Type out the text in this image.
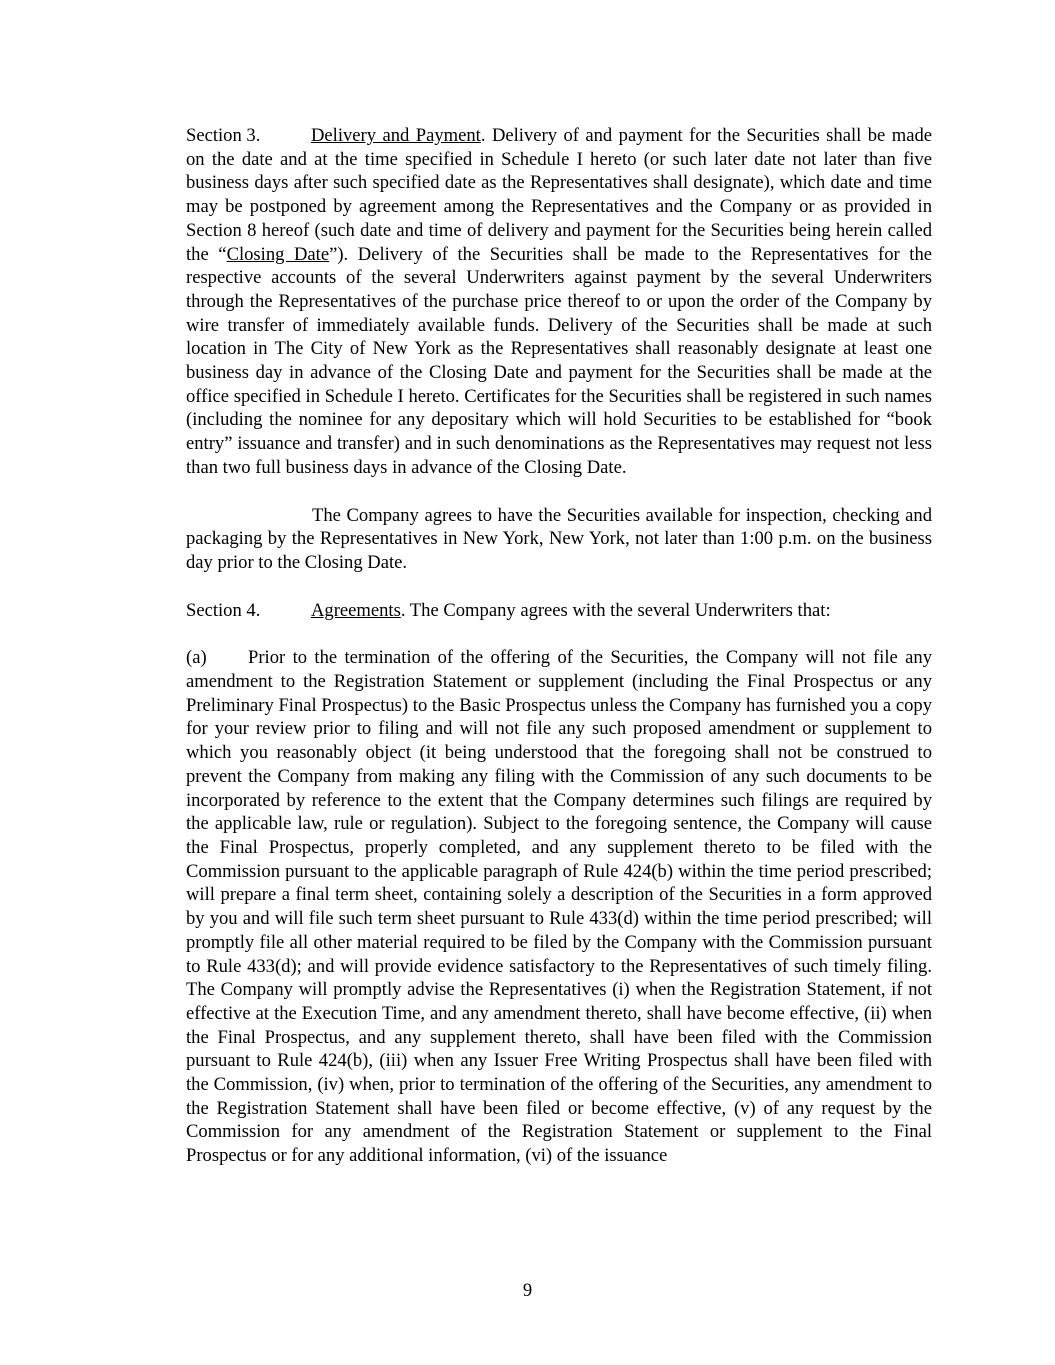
Section 3.	Delivery and Payment. Delivery of and payment for the Securities shall be made on the date and at the time specified in Schedule I hereto (or such later date not later than five business days after such specified date as the Representatives shall designate), which date and time may be postponed by agreement among the Representatives and the Company or as provided in Section 8 hereof (such date and time of delivery and payment for the Securities being herein called the “Closing Date”). Delivery of the Securities shall be made to the Representatives for the respective accounts of the several Underwriters against payment by the several Underwriters through the Representatives of the purchase price thereof to or upon the order of the Company by wire transfer of immediately available funds. Delivery of the Securities shall be made at such location in The City of New York as the Representatives shall reasonably designate at least one business day in advance of the Closing Date and payment for the Securities shall be made at the office specified in Schedule I hereto. Certificates for the Securities shall be registered in such names (including the nominee for any depositary which will hold Securities to be established for “book entry” issuance and transfer) and in such denominations as the Representatives may request not less than two full business days in advance of the Closing Date.

The Company agrees to have the Securities available for inspection, checking and packaging by the Representatives in New York, New York, not later than 1:00 p.m. on the business day prior to the Closing Date.

Section 4.	Agreements. The Company agrees with the several Underwriters that:

(a) Prior to the termination of the offering of the Securities, the Company will not file any amendment to the Registration Statement or supplement (including the Final Prospectus or any Preliminary Final Prospectus) to the Basic Prospectus unless the Company has furnished you a copy for your review prior to filing and will not file any such proposed amendment or supplement to which you reasonably object (it being understood that the foregoing shall not be construed to prevent the Company from making any filing with the Commission of any such documents to be incorporated by reference to the extent that the Company determines such filings are required by the applicable law, rule or regulation). Subject to the foregoing sentence, the Company will cause the Final Prospectus, properly completed, and any supplement thereto to be filed with the Commission pursuant to the applicable paragraph of Rule 424(b) within the time period prescribed; will prepare a final term sheet, containing solely a description of the Securities in a form approved by you and will file such term sheet pursuant to Rule 433(d) within the time period prescribed; will promptly file all other material required to be filed by the Company with the Commission pursuant to Rule 433(d); and will provide evidence satisfactory to the Representatives of such timely filing. The Company will promptly advise the Representatives (i) when the Registration Statement, if not effective at the Execution Time, and any amendment thereto, shall have become effective, (ii) when the Final Prospectus, and any supplement thereto, shall have been filed with the Commission pursuant to Rule 424(b), (iii) when any Issuer Free Writing Prospectus shall have been filed with the Commission, (iv) when, prior to termination of the offering of the Securities, any amendment to the Registration Statement shall have been filed or become effective, (v) of any request by the Commission for any amendment of the Registration Statement or supplement to the Final Prospectus or for any additional information, (vi) of the issuance

9
